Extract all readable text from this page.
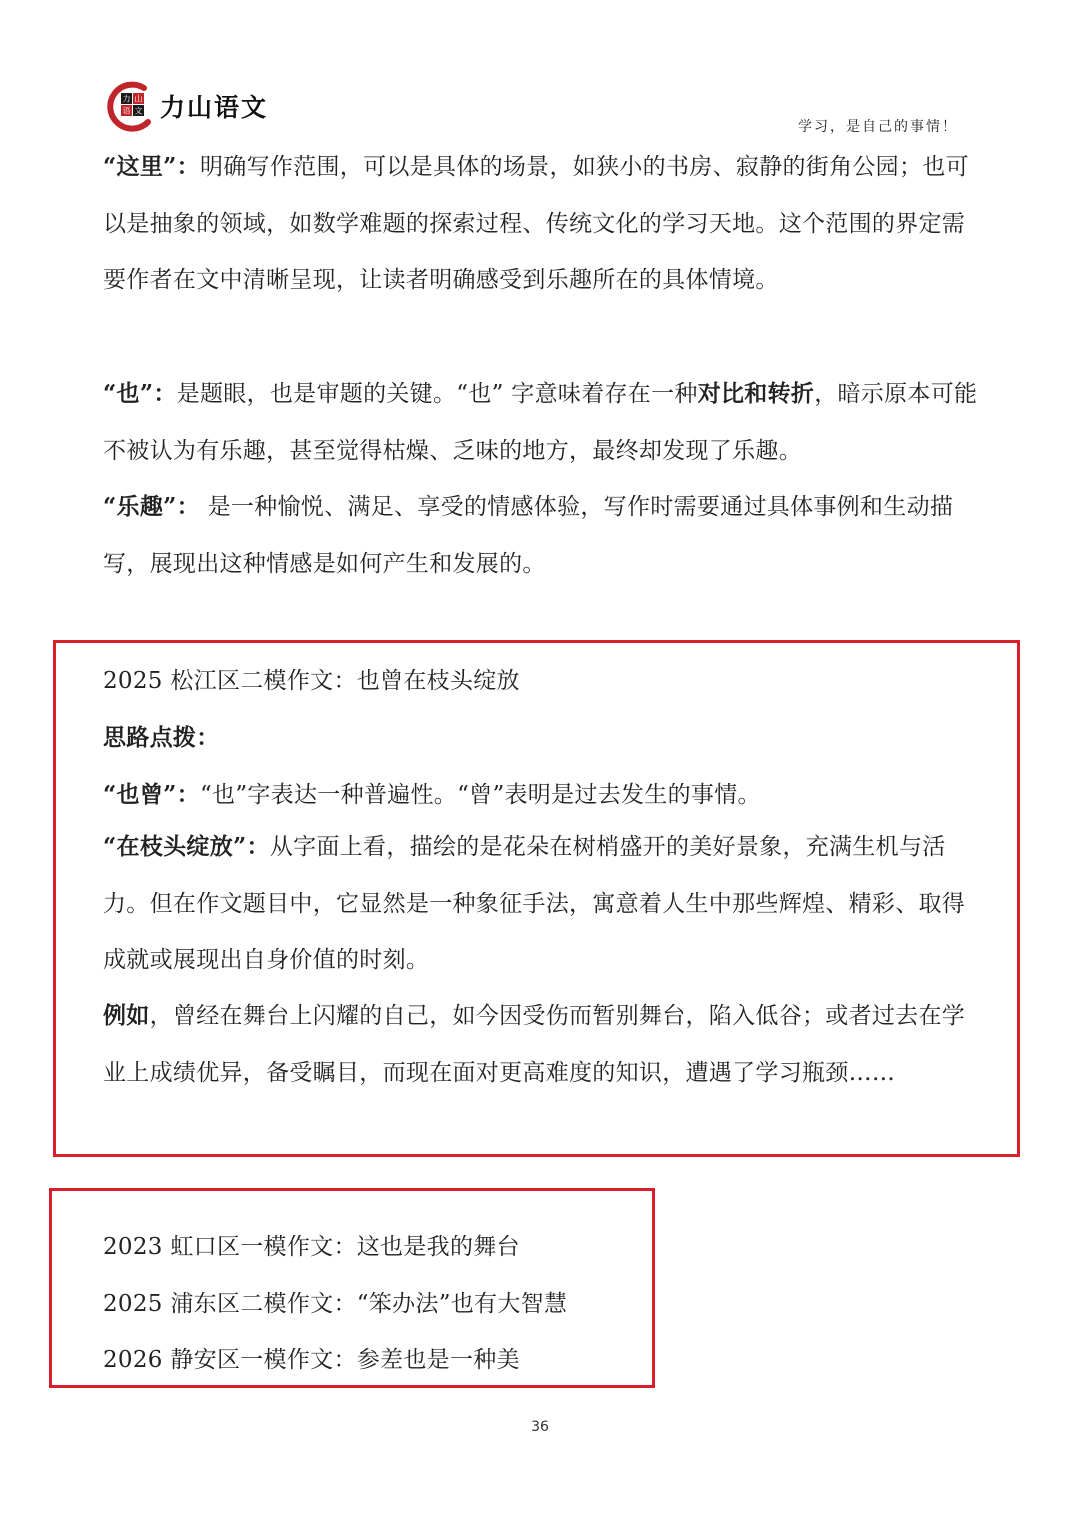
力 山
语 文 力山语文
学习，是自己的事情！

“这里”：明确写作范围，可以是具体的场景，如狭小的书房、寂静的街角公园；也可以是抽象的领域，如数学难题的探索过程、传统文化的学习天地。这个范围的界定需要作者在文中清晰呈现，让读者明确感受到乐趣所在的具体情境。

“也”：是题眼，也是审题的关键。“也” 字意味着存在一种对比和转折，暗示原本可能不被认为有乐趣，甚至觉得枯燥、乏味的地方，最终却发现了乐趣。

“乐趣”： 是一种愉悦、满足、享受的情感体验，写作时需要通过具体事例和生动描写，展现出这种情感是如何产生和发展的。

2025 松江区二模作文：也曾在枝头绽放

思路点拨：

“也曾”：“也”字表达一种普遍性。“曾”表明是过去发生的事情。

“在枝头绽放”：从字面上看，描绘的是花朵在树梢盛开的美好景象，充满生机与活力。但在作文题目中，它显然是一种象征手法，寓意着人生中那些辉煌、精彩、取得成就或展现出自身价值的时刻。

例如，曾经在舞台上闪耀的自己，如今因受伤而暂别舞台，陷入低谷；或者过去在学业上成绩优异，备受瞩目，而现在面对更高难度的知识，遭遇了学习瓶颈……

2023 虹口区一模作文：这也是我的舞台

2025 浦东区二模作文：“笨办法”也有大智慧

2026 静安区一模作文：参差也是一种美

36
